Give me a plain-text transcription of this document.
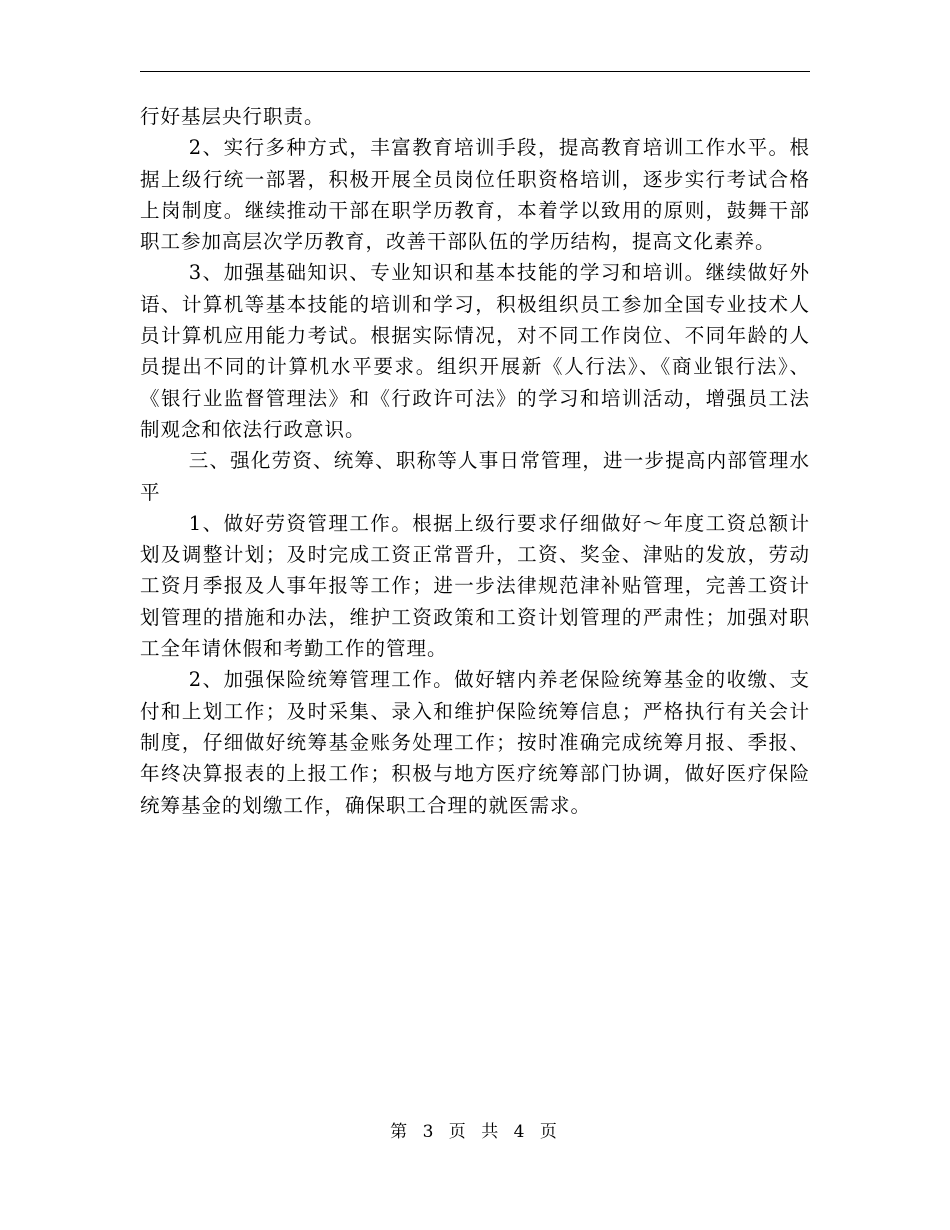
行好基层央行职责。

2、实行多种方式，丰富教育培训手段，提高教育培训工作水平。根据上级行统一部署，积极开展全员岗位任职资格培训，逐步实行考试合格上岗制度。继续推动干部在职学历教育，本着学以致用的原则，鼓舞干部职工参加高层次学历教育，改善干部队伍的学历结构，提高文化素养。

3、加强基础知识、专业知识和基本技能的学习和培训。继续做好外语、计算机等基本技能的培训和学习，积极组织员工参加全国专业技术人员计算机应用能力考试。根据实际情况，对不同工作岗位、不同年龄的人员提出不同的计算机水平要求。组织开展新《人行法》、《商业银行法》、《银行业监督管理法》和《行政许可法》的学习和培训活动，增强员工法制观念和依法行政意识。

三、强化劳资、统筹、职称等人事日常管理，进一步提高内部管理水平

1、做好劳资管理工作。根据上级行要求仔细做好～年度工资总额计划及调整计划；及时完成工资正常晋升，工资、奖金、津贴的发放，劳动工资月季报及人事年报等工作；进一步法律规范津补贴管理，完善工资计划管理的措施和办法，维护工资政策和工资计划管理的严肃性；加强对职工全年请休假和考勤工作的管理。

2、加强保险统筹管理工作。做好辖内养老保险统筹基金的收缴、支付和上划工作；及时采集、录入和维护保险统筹信息；严格执行有关会计制度，仔细做好统筹基金账务处理工作；按时准确完成统筹月报、季报、年终决算报表的上报工作；积极与地方医疗统筹部门协调，做好医疗保险统筹基金的划缴工作，确保职工合理的就医需求。

第 3 页 共 4 页
